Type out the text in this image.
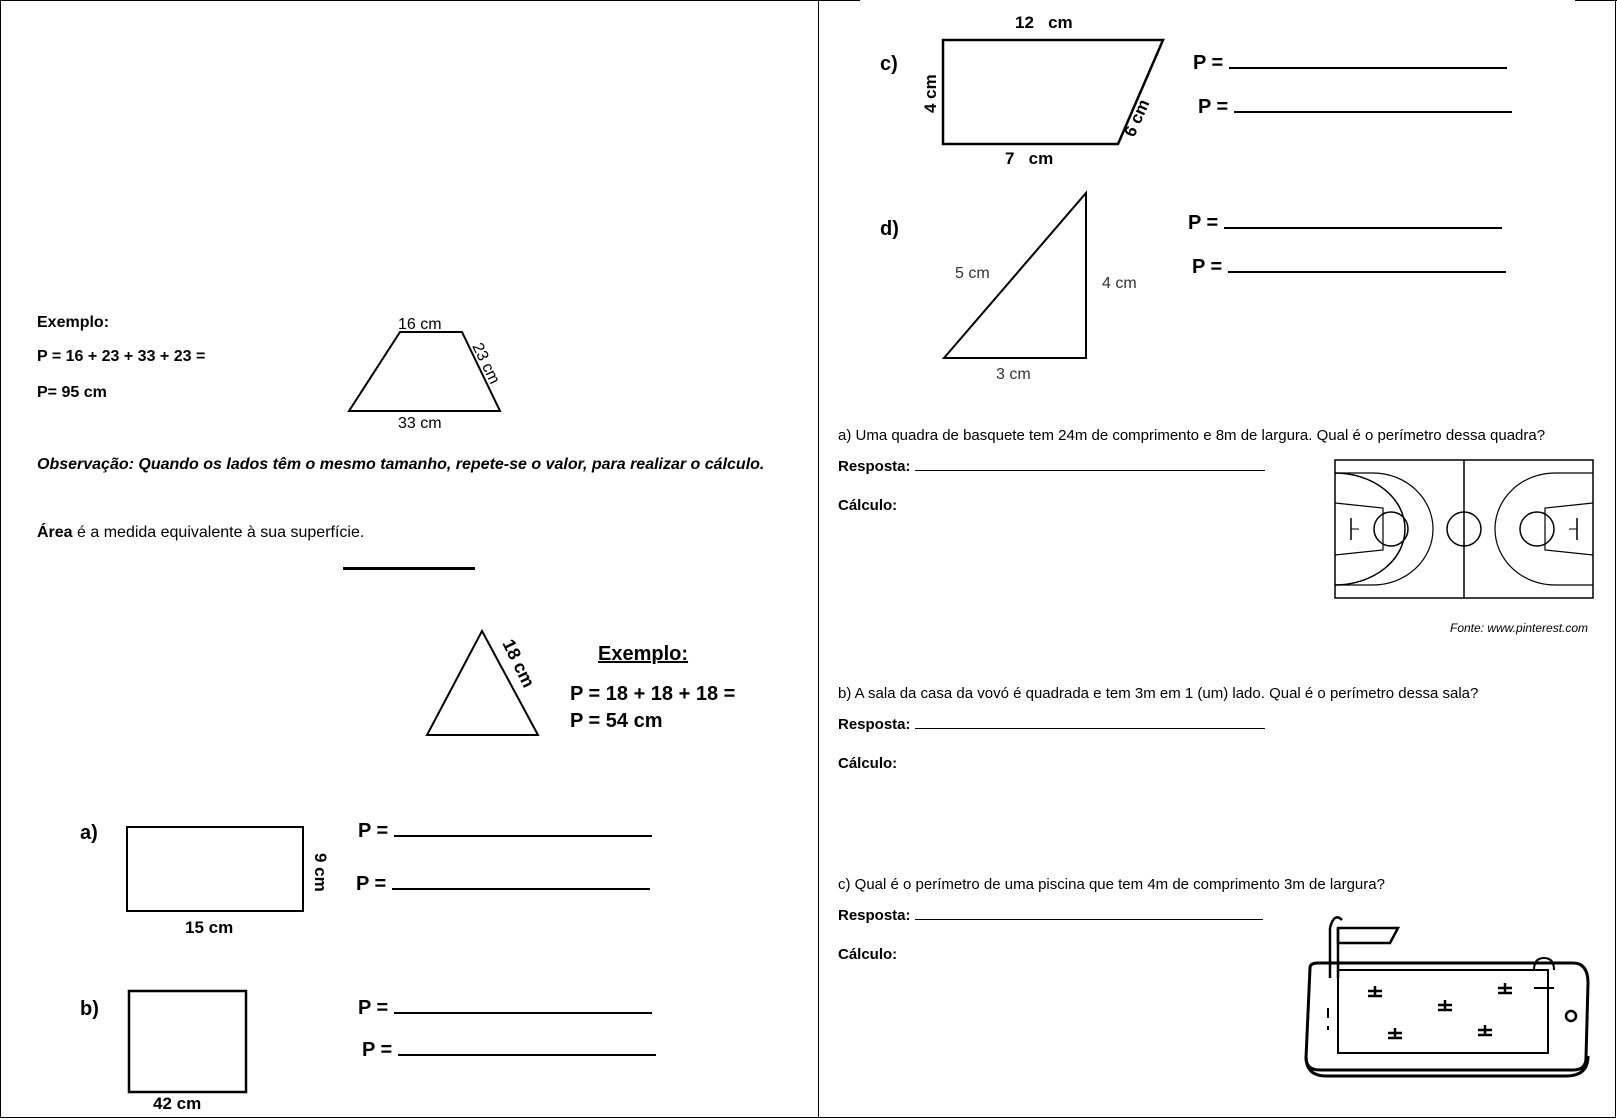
Exemplo:
P = 16 + 23 + 33 + 23 =
P= 95 cm
16 cm
23 cm
33 cm
Observação: Quando os lados têm o mesmo tamanho, repete-se o valor, para realizar o cálculo.
Área é a medida equivalente à sua superfície.
18 cm	Exemplo:
P = 18 + 18 + 18 =
P = 54 cm
a)
9 cm
15 cm
P =
P =
b)
42 cm
P =
P =
c)
12   cm
4 cm
6 cm
7   cm
P =
P =
d)
5 cm
4 cm
3 cm
P =
P =
a) Uma quadra de basquete tem 24m de comprimento e 8m de largura. Qual é o perímetro dessa quadra?
Resposta:
Cálculo:
Fonte: www.pinterest.com
b) A sala da casa da vovó é quadrada e tem 3m em 1 (um) lado. Qual é o perímetro dessa sala?
Resposta:
Cálculo:
c) Qual é o perímetro de uma piscina que tem 4m de comprimento 3m de largura?
Resposta:
Cálculo:
